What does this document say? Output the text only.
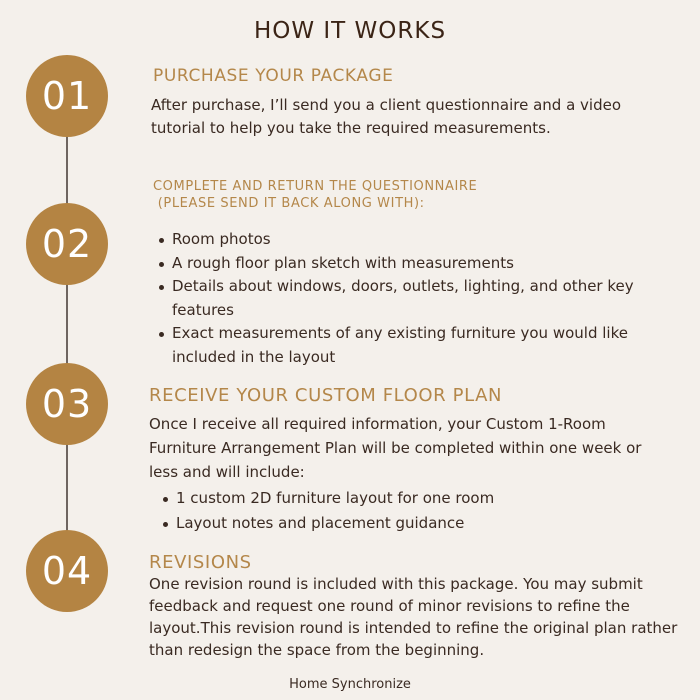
HOW IT WORKS
01	PURCHASE YOUR PACKAGE
After purchase, I’ll send you a client questionnaire and a video tutorial to help you take the required measurements.
02
COMPLETE AND RETURN THE QUESTIONNAIRE
(PLEASE SEND IT BACK ALONG WITH):
Room photos
A rough floor plan sketch with measurements
Details about windows, doors, outlets, lighting, and other key features
Exact measurements of any existing furniture you would like included in the layout
03	RECEIVE YOUR CUSTOM FLOOR PLAN
Once I receive all required information, your Custom 1-Room Furniture Arrangement Plan will be completed within one week or less and will include:
1 custom 2D furniture layout for one room
Layout notes and placement guidance
04	REVISIONS
One revision round is included with this package. You may submit feedback and request one round of minor revisions to refine the layout.This revision round is intended to refine the original plan rather than redesign the space from the beginning.
Home Synchronize
